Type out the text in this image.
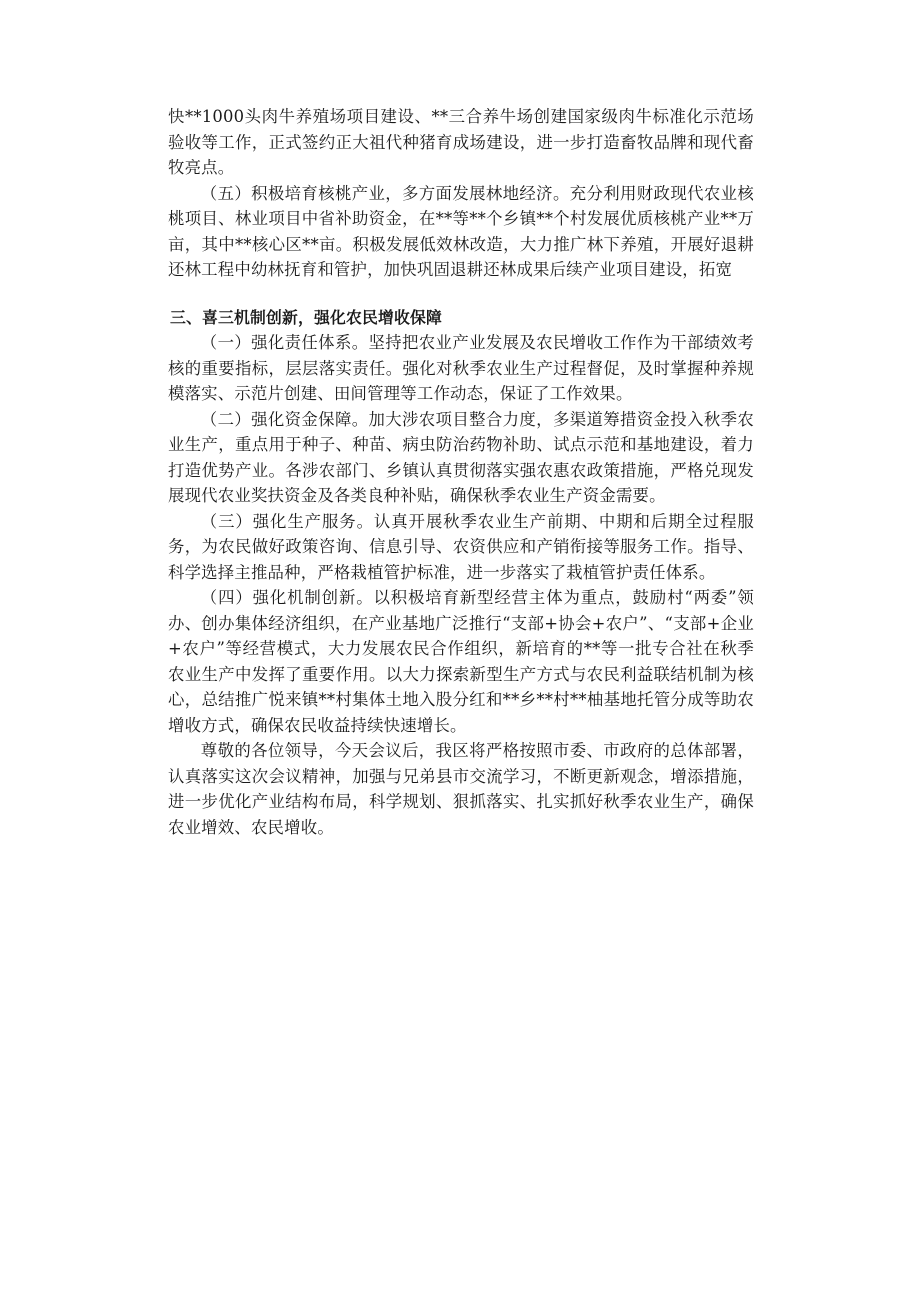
快**1000头肉牛养殖场项目建设、**三合养牛场创建国家级肉牛标准化示范场验收等工作，正式签约正大祖代种猪育成场建设，进一步打造畜牧品牌和现代畜牧亮点。

（五）积极培育核桃产业，多方面发展林地经济。充分利用财政现代农业核桃项目、林业项目中省补助资金，在**等**个乡镇**个村发展优质核桃产业**万亩，其中**核心区**亩。积极发展低效林改造，大力推广林下养殖，开展好退耕还林工程中幼林抚育和管护，加快巩固退耕还林成果后续产业项目建设，拓宽

三、喜三机制创新，强化农民增收保障

（一）强化责任体系。坚持把农业产业发展及农民增收工作作为干部绩效考核的重要指标，层层落实责任。强化对秋季农业生产过程督促，及时掌握种养规模落实、示范片创建、田间管理等工作动态，保证了工作效果。

（二）强化资金保障。加大涉农项目整合力度，多渠道筹措资金投入秋季农业生产，重点用于种子、种苗、病虫防治药物补助、试点示范和基地建设，着力打造优势产业。各涉农部门、乡镇认真贯彻落实强农惠农政策措施，严格兑现发展现代农业奖扶资金及各类良种补贴，确保秋季农业生产资金需要。

（三）强化生产服务。认真开展秋季农业生产前期、中期和后期全过程服务，为农民做好政策咨询、信息引导、农资供应和产销衔接等服务工作。指导、科学选择主推品种，严格栽植管护标准，进一步落实了栽植管护责任体系。

（四）强化机制创新。以积极培育新型经营主体为重点，鼓励村“两委”领办、创办集体经济组织，在产业基地广泛推行“支部+协会+农户”、“支部+企业+农户”等经营模式，大力发展农民合作组织，新培育的**等一批专合社在秋季农业生产中发挥了重要作用。以大力探索新型生产方式与农民利益联结机制为核心，总结推广悦来镇**村集体土地入股分红和**乡**村**柚基地托管分成等助农增收方式，确保农民收益持续快速增长。

尊敬的各位领导，今天会议后，我区将严格按照市委、市政府的总体部署，认真落实这次会议精神，加强与兄弟县市交流学习，不断更新观念，增添措施，进一步优化产业结构布局，科学规划、狠抓落实、扎实抓好秋季农业生产，确保农业增效、农民增收。
